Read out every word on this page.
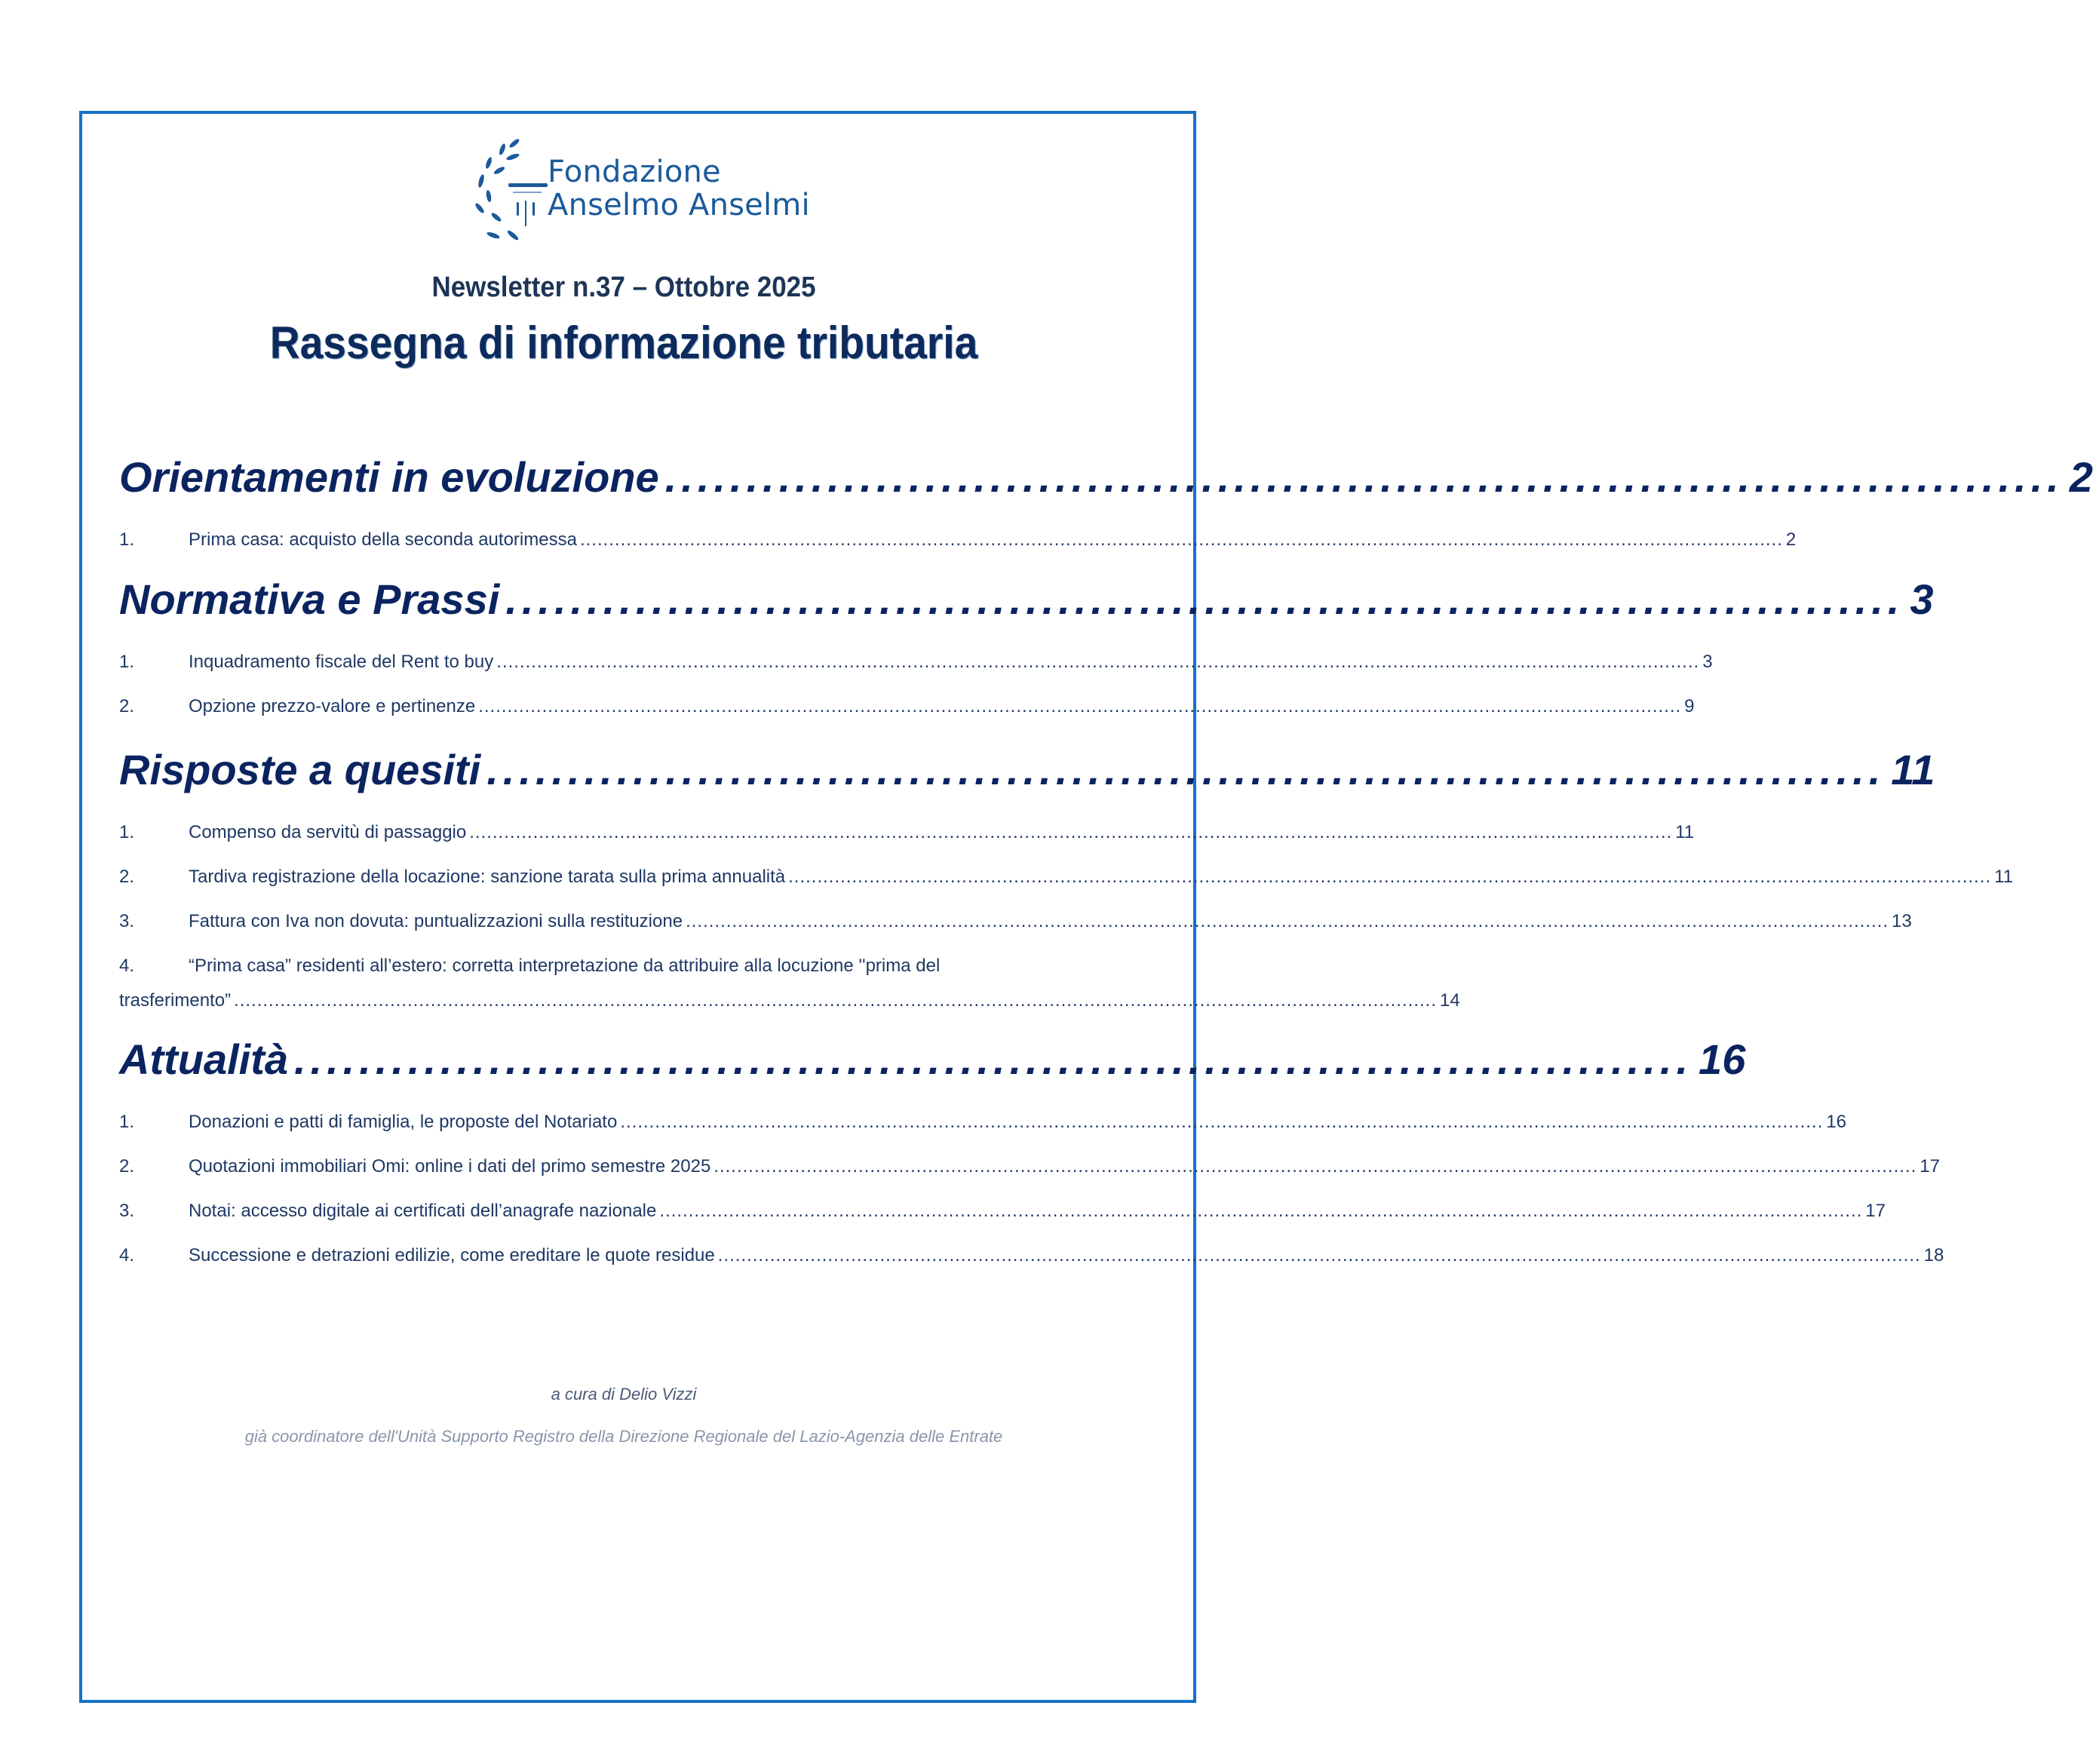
Fondazione
Anselmo Anselmi
Newsletter n.37 – Ottobre 2025
Rassegna di informazione tributaria
Orientamenti in evoluzione ...................................................................................... 2
1.	Prima casa: acquisto della seconda autorimessa ................................................................................................................................................................................................................ 2
Normativa e Prassi ...................................................................................... 3
1.	Inquadramento fiscale del Rent to buy ................................................................................................................................................................................................................ 3
2.	Opzione prezzo-valore e pertinenze ................................................................................................................................................................................................................ 9
Risposte a quesiti ...................................................................................... 11
1.	Compenso da servitù di passaggio ................................................................................................................................................................................................................ 11
2.	Tardiva registrazione della locazione: sanzione tarata sulla prima annualità ................................................................................................................................................................................................................ 11
3.	Fattura con Iva non dovuta: puntualizzazioni sulla restituzione ................................................................................................................................................................................................................ 13
4.	“Prima casa” residenti all’estero: corretta interpretazione da attribuire alla locuzione ''prima del
trasferimento” ................................................................................................................................................................................................................ 14
Attualità ...................................................................................... 16
1.	Donazioni e patti di famiglia, le proposte del Notariato ................................................................................................................................................................................................................ 16
2.	Quotazioni immobiliari Omi: online i dati del primo semestre 2025 ................................................................................................................................................................................................................ 17
3.	Notai: accesso digitale ai certificati dell’anagrafe nazionale ................................................................................................................................................................................................................ 17
4.	Successione e detrazioni edilizie, come ereditare le quote residue ................................................................................................................................................................................................................ 18
a cura di Delio Vizzi
già coordinatore dell'Unità Supporto Registro della Direzione Regionale del Lazio-Agenzia delle Entrate
